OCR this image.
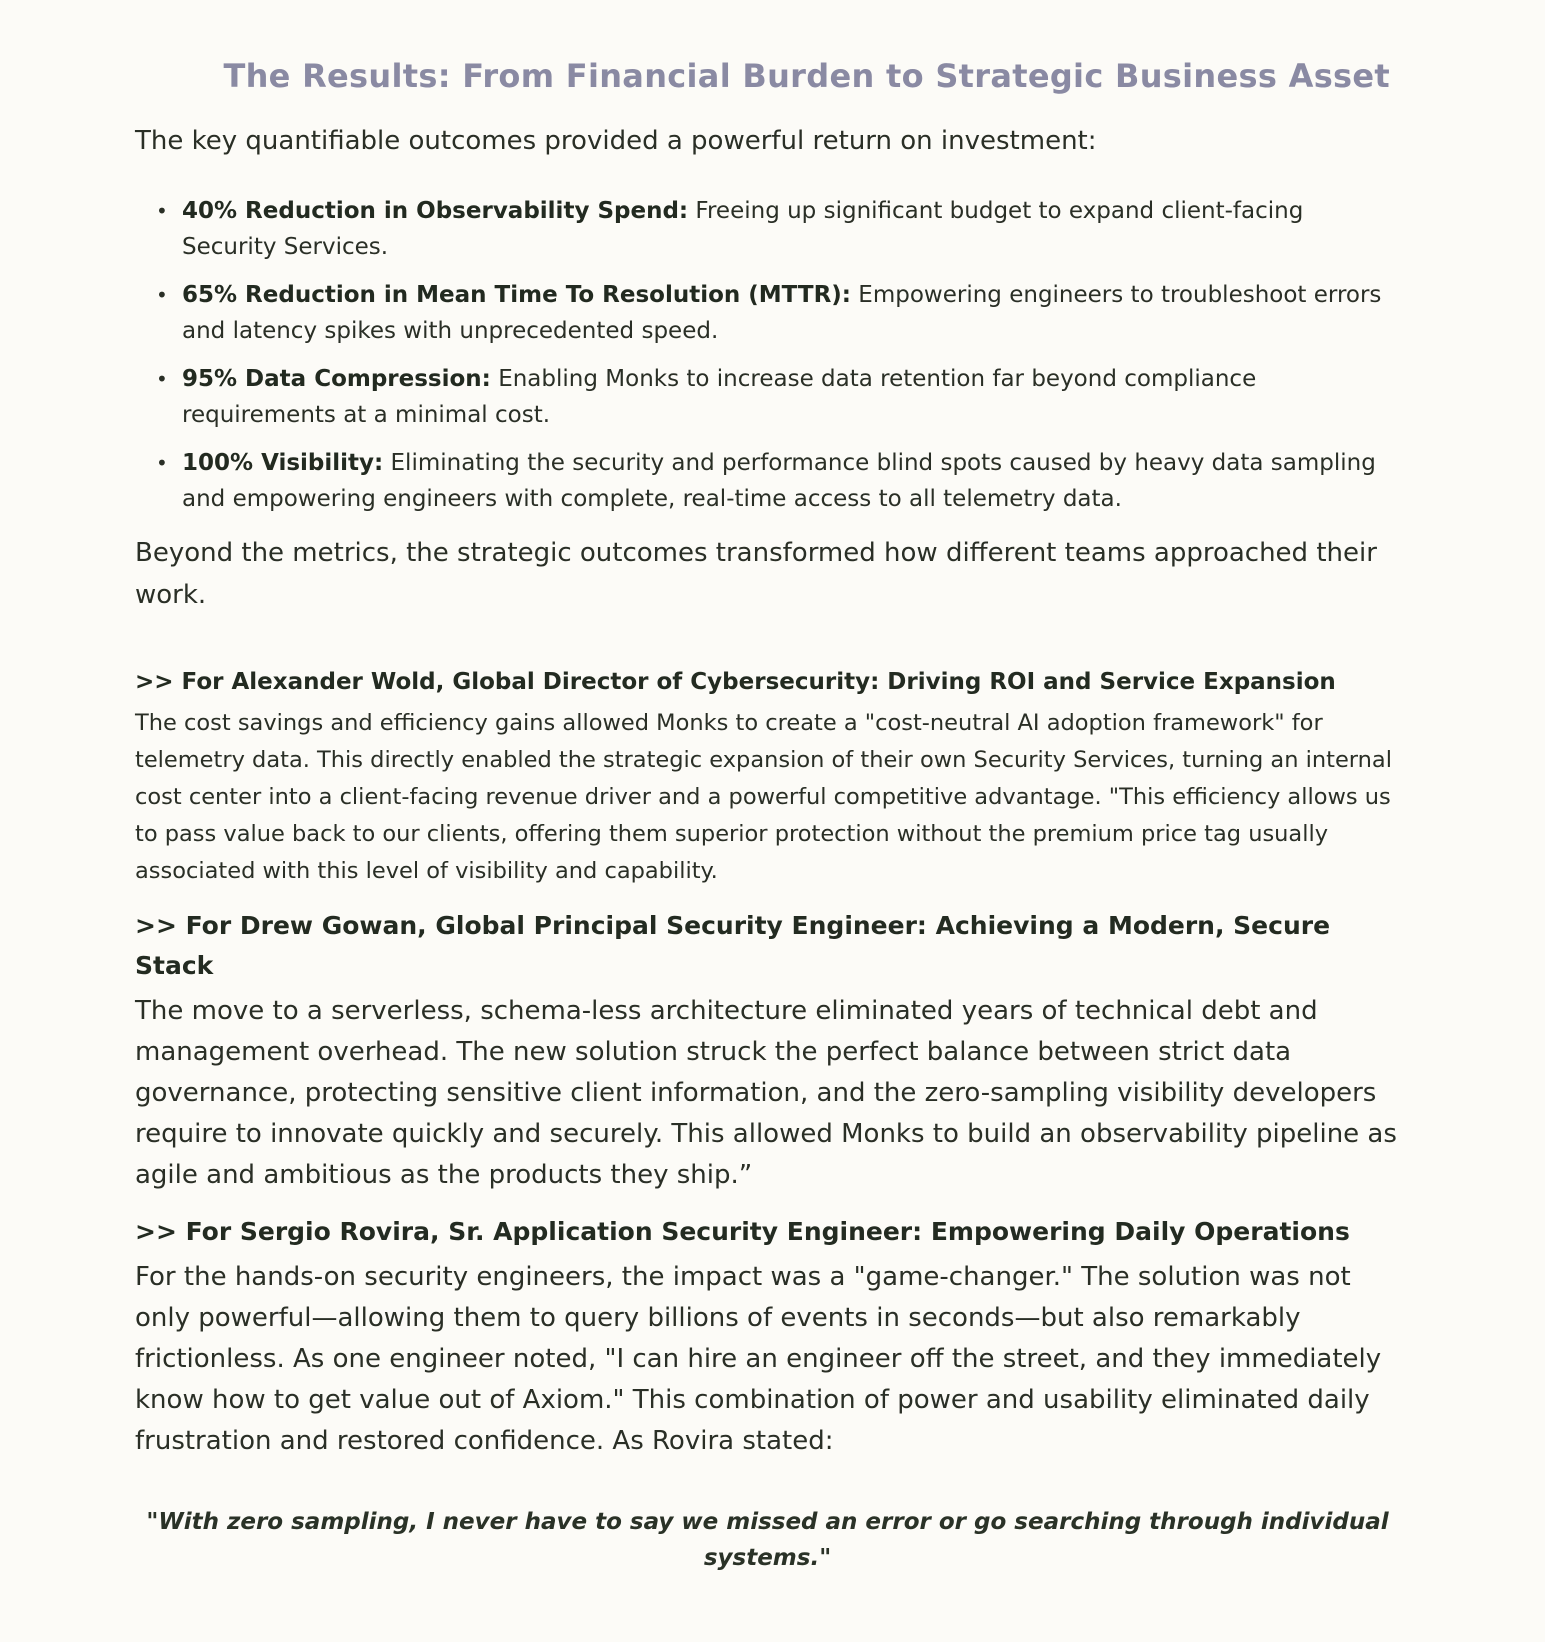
The Results: From Financial Burden to Strategic Business Asset

The key quantifiable outcomes provided a powerful return on investment:

• 40% Reduction in Observability Spend: Freeing up significant budget to expand client-facing Security Services.
• 65% Reduction in Mean Time To Resolution (MTTR): Empowering engineers to troubleshoot errors and latency spikes with unprecedented speed.
• 95% Data Compression: Enabling Monks to increase data retention far beyond compliance requirements at a minimal cost.
• 100% Visibility: Eliminating the security and performance blind spots caused by heavy data sampling and empowering engineers with complete, real-time access to all telemetry data.

Beyond the metrics, the strategic outcomes transformed how different teams approached their work.

>> For Alexander Wold, Global Director of Cybersecurity: Driving ROI and Service Expansion

The cost savings and efficiency gains allowed Monks to create a "cost-neutral AI adoption framework" for telemetry data. This directly enabled the strategic expansion of their own Security Services, turning an internal cost center into a client-facing revenue driver and a powerful competitive advantage. "This efficiency allows us to pass value back to our clients, offering them superior protection without the premium price tag usually associated with this level of visibility and capability.

>> For Drew Gowan, Global Principal Security Engineer: Achieving a Modern, Secure Stack

The move to a serverless, schema-less architecture eliminated years of technical debt and management overhead. The new solution struck the perfect balance between strict data governance, protecting sensitive client information, and the zero-sampling visibility developers require to innovate quickly and securely. This allowed Monks to build an observability pipeline as agile and ambitious as the products they ship.”

>> For Sergio Rovira, Sr. Application Security Engineer: Empowering Daily Operations

For the hands-on security engineers, the impact was a "game-changer." The solution was not only powerful—allowing them to query billions of events in seconds—but also remarkably frictionless. As one engineer noted, "I can hire an engineer off the street, and they immediately know how to get value out of Axiom." This combination of power and usability eliminated daily frustration and restored confidence. As Rovira stated:

"With zero sampling, I never have to say we missed an error or go searching through individual systems."
